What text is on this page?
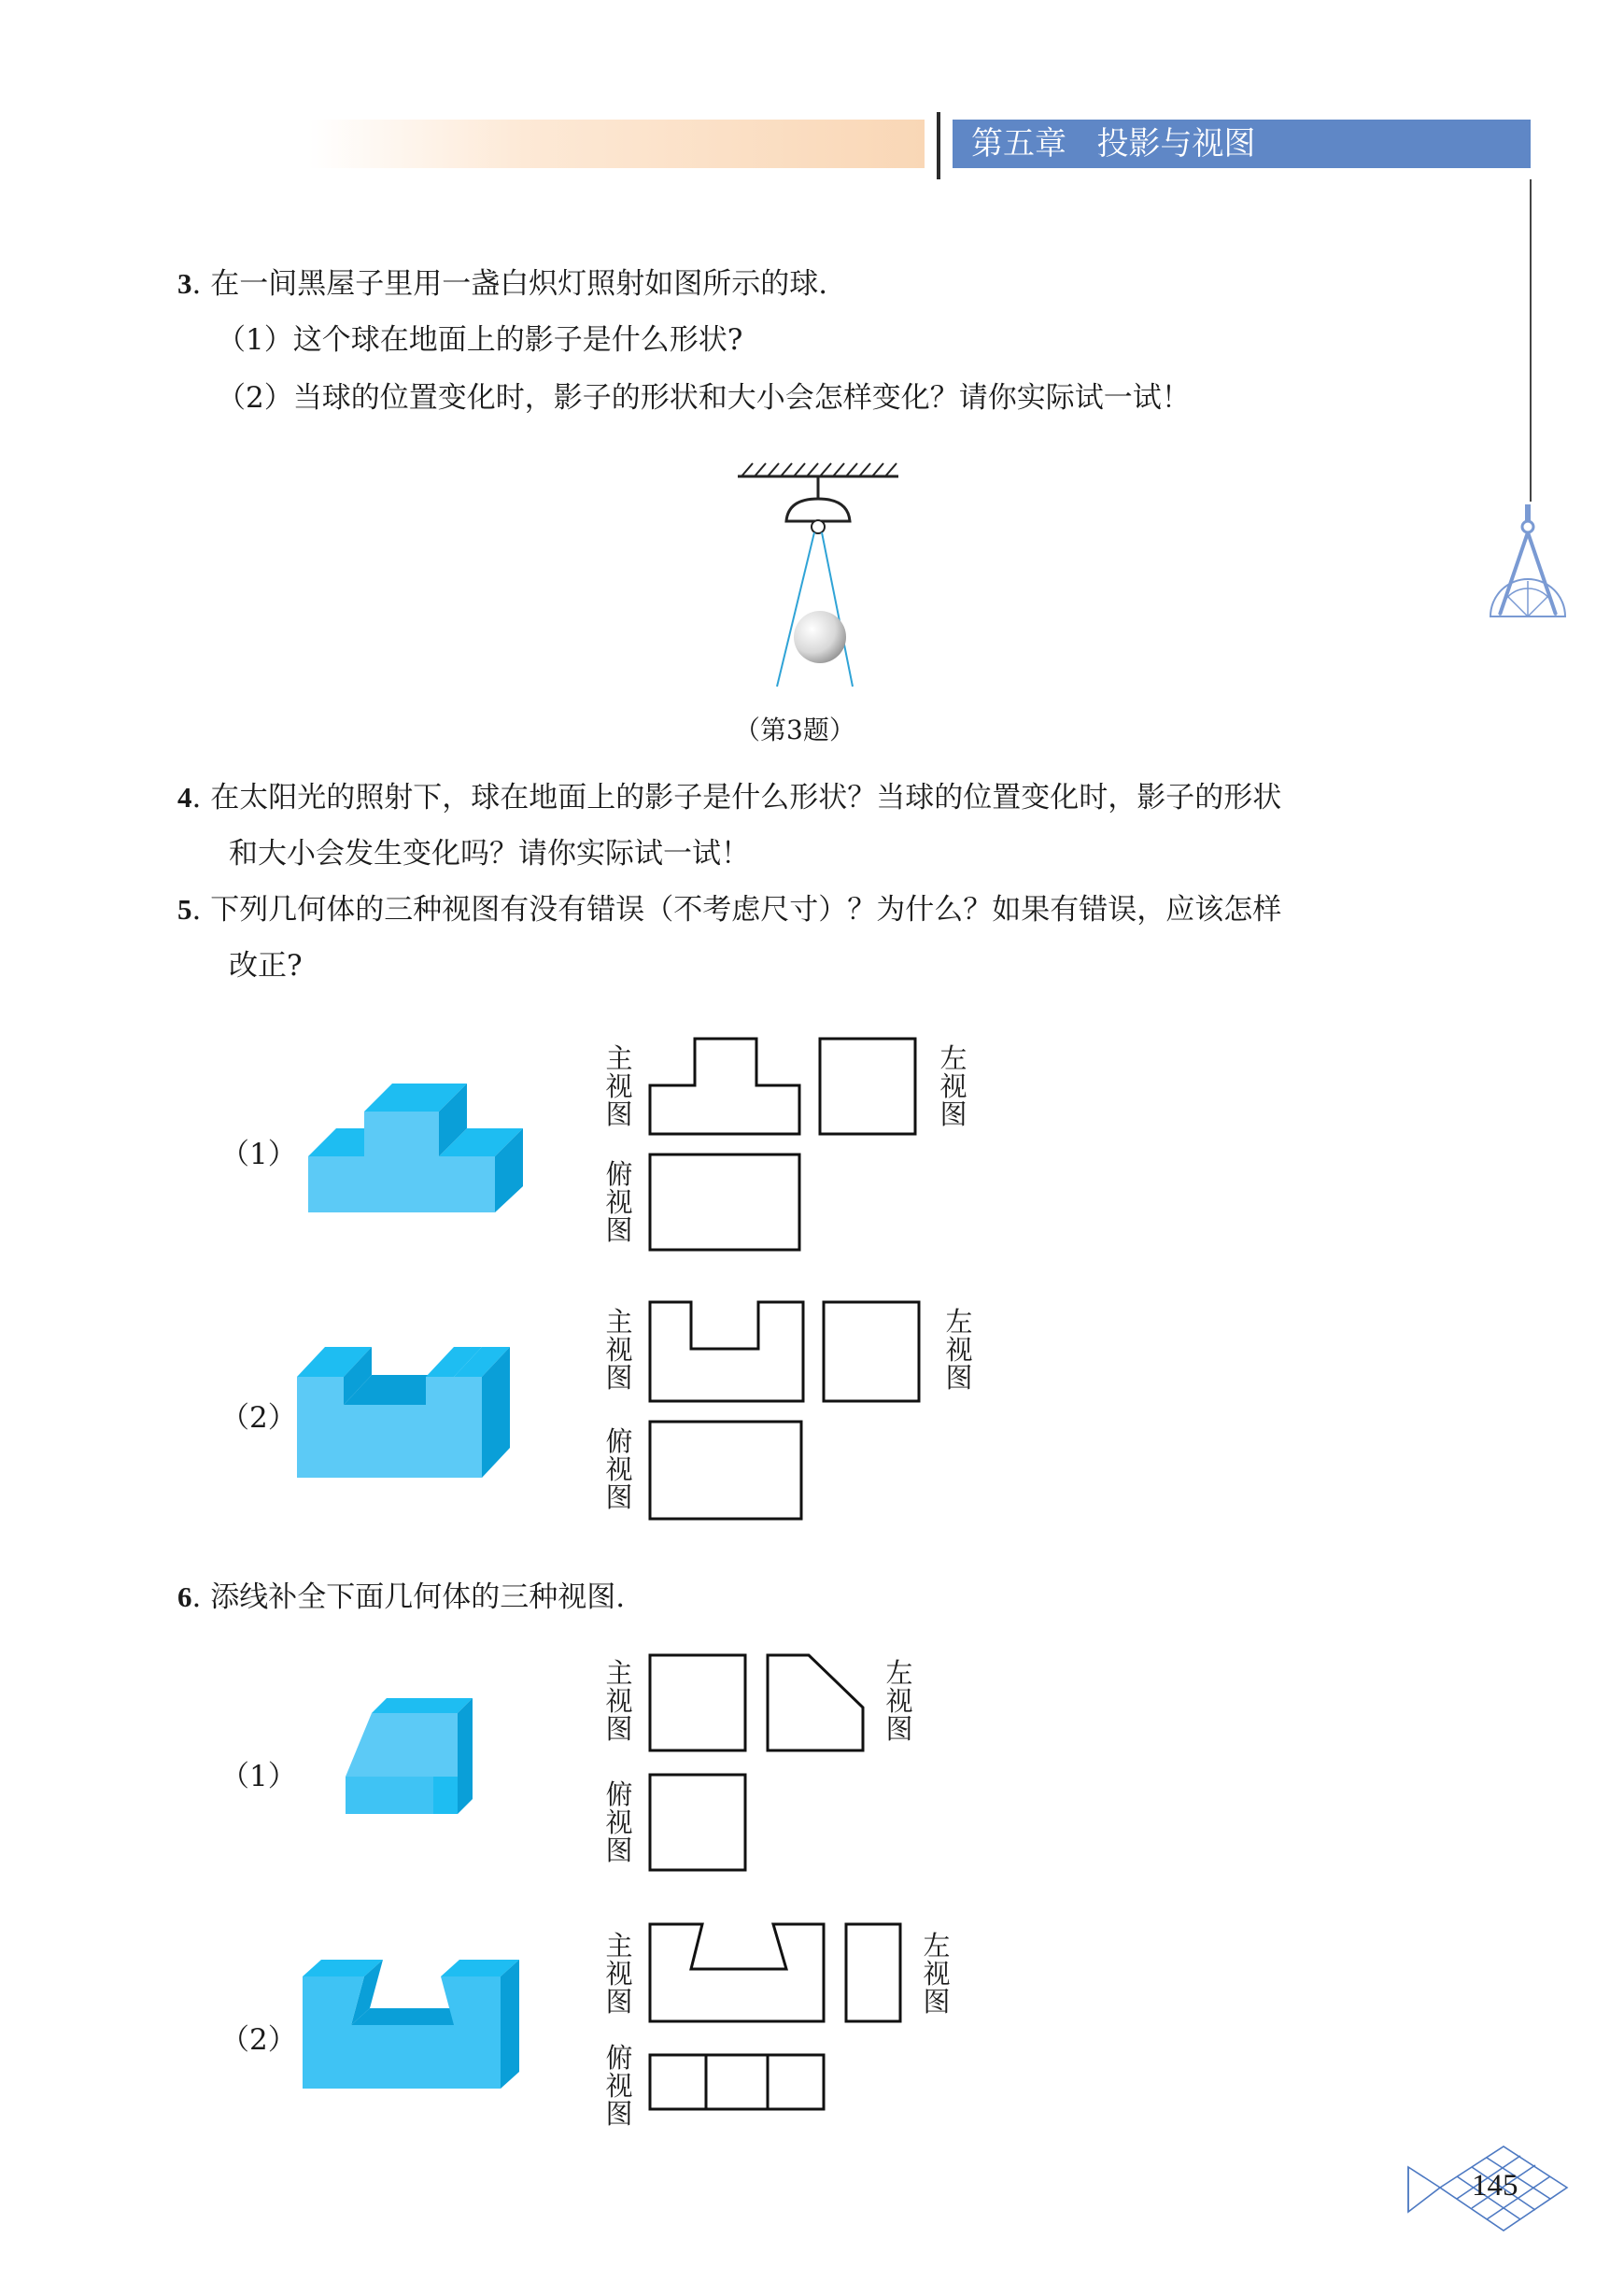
第五章 投影与视图
3. 在一间黑屋子里用一盏白炽灯照射如图所示的球.
（1）这个球在地面上的影子是什么形状?
（2）当球的位置变化时，影子的形状和大小会怎样变化？请你实际试一试！
（第3题）
4. 在太阳光的照射下，球在地面上的影子是什么形状？当球的位置变化时，影子的形状
和大小会发生变化吗？请你实际试一试！
5. 下列几何体的三种视图有没有错误（不考虑尺寸）？为什么？如果有错误，应该怎样
改正?
（1）
主
视
图
左
视
图
俯
视
图
（2）
主
视
图
左
视
图
俯
视
图
6. 添线补全下面几何体的三种视图.
（1）
主
视
图
左
视
图
俯
视
图
（2）
主
视
图
左
视
图
俯
视
图
145
